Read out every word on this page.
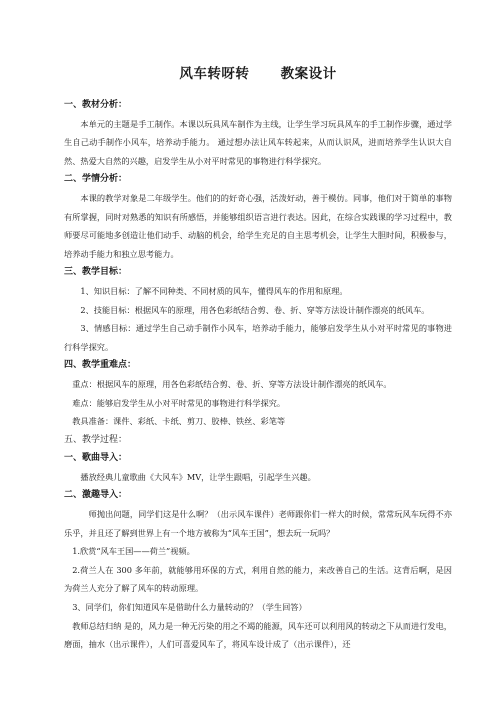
风车转呀转      教案设计
一、教材分析：
本单元的主题是手工制作。本课以玩具风车制作为主线，让学生学习玩具风车的手工制作步骤，通过学生自己动手制作小风车，培养动手能力。 通过想办法让风车转起来，从而认识风，进而培养学生认识大自然、热爱大自然的兴趣，启发学生从小对平时常见的事物进行科学探究。
二、学情分析：
本课的教学对象是二年级学生。他们的的好奇心强，活泼好动，善于模仿。同事，他们对于简单的事物有所掌握，同时对熟悉的知识有所感悟，并能够组织语言进行表达。因此，在综合实践课的学习过程中，教师要尽可能地多创造让他们动手、动脑的机会，给学生充足的自主思考机会，让学生大胆时间，积极参与，培养动手能力和独立思考能力。
三、教学目标：
1、知识目标：了解不同种类、不同材质的风车，懂得风车的作用和原理。
2、技能目标：根据风车的原理，用各色彩纸结合剪、卷、折、穿等方法设计制作漂亮的纸风车。
3、情感目标：通过学生自己动手制作小风车，培养动手能力，能够启发学生从小对平时常见的事物进行科学探究。
四、教学重难点：
重点：根据风车的原理，用各色彩纸结合剪、卷、折、穿等方法设计制作漂亮的纸风车。
难点：能够启发学生从小对平时常见的事物进行科学探究。
教具准备：课件、彩纸、卡纸、剪刀、胶棒、铁丝、彩笔等
五、教学过程：
一、歌曲导入：
播放经典儿童歌曲《大风车》MV，让学生跟唱，引起学生兴趣。
二、激趣导入：
师抛出问题，同学们这是什么啊？（出示风车课件）老师跟你们一样大的时候，常常玩风车玩得不亦乐乎，并且还了解到世界上有一个地方被称为“风车王国”，想去玩一玩吗？
1.欣赏“风车王国——荷兰”视频。
2.荷兰人在 300 多年前，就能够用环保的方式，利用自然的能力，来改善自己的生活。这背后啊，是因为荷兰人充分了解了风车的转动原理。
3、同学们，你们知道风车是借助什么力量转动的？（学生回答）
教师总结归纳 是的，风力是一种无污染的用之不竭的能源，风车还可以利用风的转动之下从而进行发电，磨面，抽水（出示课件），人们可喜爱风车了，将风车设计成了（出示课件），还
